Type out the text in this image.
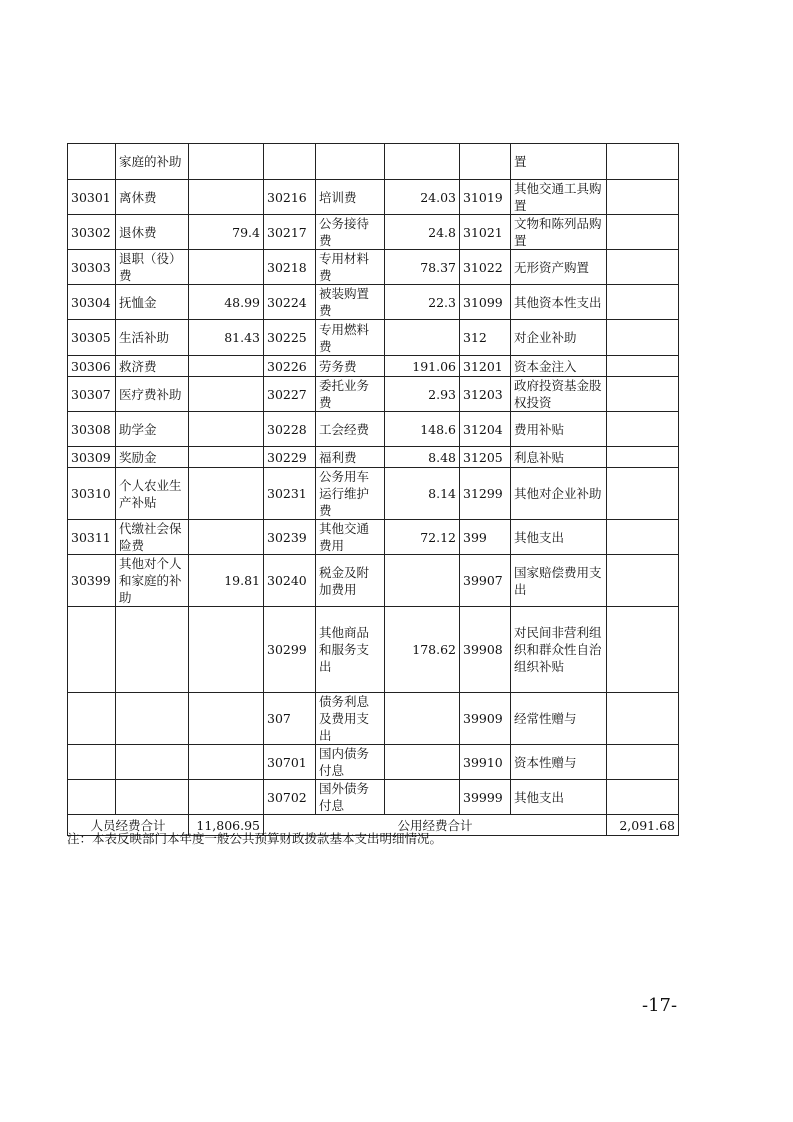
	家庭的补助						置	
30301	离休费		30216	培训费	24.03	31019	其他交通工具购置	
30302	退休费	79.4	30217	公务接待费	24.8	31021	文物和陈列品购置	
30303	退职（役）费		30218	专用材料费	78.37	31022	无形资产购置	
30304	抚恤金	48.99	30224	被装购置费	22.3	31099	其他资本性支出	
30305	生活补助	81.43	30225	专用燃料费		312	对企业补助	
30306	救济费		30226	劳务费	191.06	31201	资本金注入	
30307	医疗费补助		30227	委托业务费	2.93	31203	政府投资基金股权投资	
30308	助学金		30228	工会经费	148.6	31204	费用补贴	
30309	奖励金		30229	福利费	8.48	31205	利息补贴	
30310	个人农业生产补贴		30231	公务用车运行维护费	8.14	31299	其他对企业补助	
30311	代缴社会保险费		30239	其他交通费用	72.12	399	其他支出	
30399	其他对个人和家庭的补助	19.81	30240	税金及附加费用		39907	国家赔偿费用支出	
			30299	其他商品和服务支出	178.62	39908	对民间非营利组织和群众性自治组织补贴	
			307	债务利息及费用支出		39909	经常性赠与	
			30701	国内债务付息		39910	资本性赠与	
			30702	国外债务付息		39999	其他支出	
人员经费合计		11,806.95	公用经费合计					2,091.68
注：本表反映部门本年度一般公共预算财政拨款基本支出明细情况。
-17-
